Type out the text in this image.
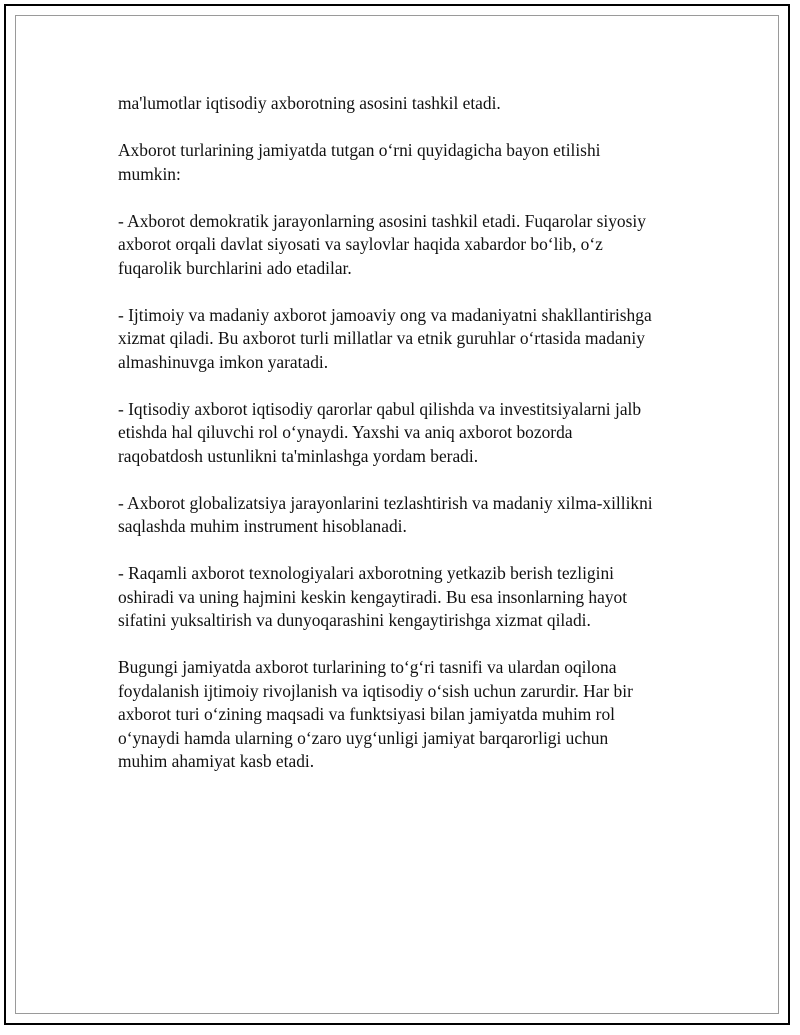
ma'lumotlar iqtisodiy axborotning asosini tashkil etadi.

Axborot turlarining jamiyatda tutgan o‘rni quyidagicha bayon etilishi
mumkin:

- Axborot demokratik jarayonlarning asosini tashkil etadi. Fuqarolar siyosiy
axborot orqali davlat siyosati va saylovlar haqida xabardor bo‘lib, o‘z
fuqarolik burchlarini ado etadilar.

- Ijtimoiy va madaniy axborot jamoaviy ong va madaniyatni shakllantirishga
xizmat qiladi. Bu axborot turli millatlar va etnik guruhlar o‘rtasida madaniy
almashinuvga imkon yaratadi.

- Iqtisodiy axborot iqtisodiy qarorlar qabul qilishda va investitsiyalarni jalb
etishda hal qiluvchi rol o‘ynaydi. Yaxshi va aniq axborot bozorda
raqobatdosh ustunlikni ta'minlashga yordam beradi.

- Axborot globalizatsiya jarayonlarini tezlashtirish va madaniy xilma-xillikni
saqlashda muhim instrument hisoblanadi.

- Raqamli axborot texnologiyalari axborotning yetkazib berish tezligini
oshiradi va uning hajmini keskin kengaytiradi. Bu esa insonlarning hayot
sifatini yuksaltirish va dunyoqarashini kengaytirishga xizmat qiladi.

Bugungi jamiyatda axborot turlarining to‘g‘ri tasnifi va ulardan oqilona
foydalanish ijtimoiy rivojlanish va iqtisodiy o‘sish uchun zarurdir. Har bir
axborot turi o‘zining maqsadi va funktsiyasi bilan jamiyatda muhim rol
o‘ynaydi hamda ularning o‘zaro uyg‘unligi jamiyat barqarorligi uchun
muhim ahamiyat kasb etadi.
